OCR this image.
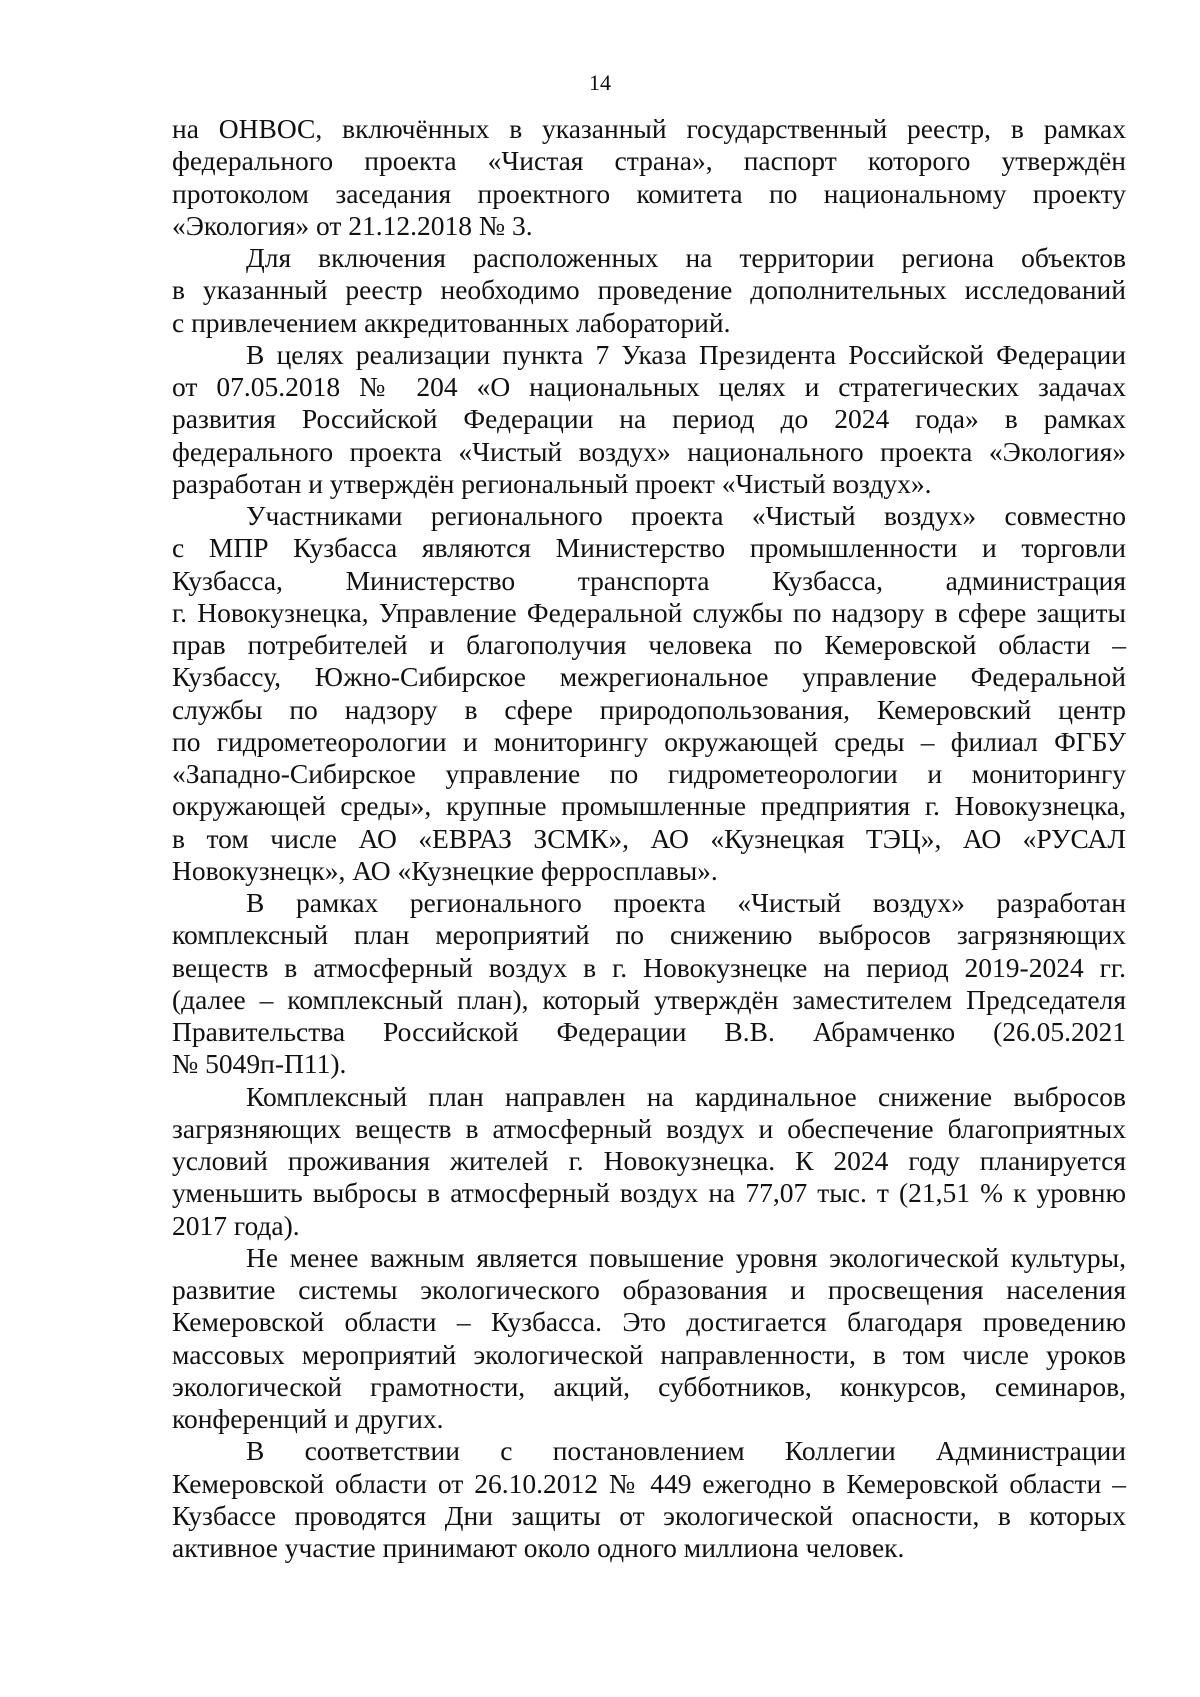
14
на ОНВОС, включённых в указанный государственный реестр, в рамках
федерального проекта «Чистая страна», паспорт которого утверждён
протоколом заседания проектного комитета по национальному проекту
«Экология» от 21.12.2018 № 3.
Для включения расположенных на территории региона объектов
в указанный реестр необходимо проведение дополнительных исследований
с привлечением аккредитованных лабораторий.
В целях реализации пункта 7 Указа Президента Российской Федерации
от 07.05.2018 № 204 «О национальных целях и стратегических задачах
развития Российской Федерации на период до 2024 года» в рамках
федерального проекта «Чистый воздух» национального проекта «Экология»
разработан и утверждён региональный проект «Чистый воздух».
Участниками регионального проекта «Чистый воздух» совместно
с МПР Кузбасса являются Министерство промышленности и торговли
Кузбасса, Министерство транспорта Кузбасса, администрация
г. Новокузнецка, Управление Федеральной службы по надзору в сфере защиты
прав потребителей и благополучия человека по Кемеровской области –
Кузбассу, Южно-Сибирское межрегиональное управление Федеральной
службы по надзору в сфере природопользования, Кемеровский центр
по гидрометеорологии и мониторингу окружающей среды – филиал ФГБУ
«Западно-Сибирское управление по гидрометеорологии и мониторингу
окружающей среды», крупные промышленные предприятия г. Новокузнецка,
в том числе АО «ЕВРАЗ ЗСМК», АО «Кузнецкая ТЭЦ», АО «РУСАЛ
Новокузнецк», АО «Кузнецкие ферросплавы».
В рамках регионального проекта «Чистый воздух» разработан
комплексный план мероприятий по снижению выбросов загрязняющих
веществ в атмосферный воздух в г. Новокузнецке на период 2019-2024 гг.
(далее – комплексный план), который утверждён заместителем Председателя
Правительства Российской Федерации В.В. Абрамченко (26.05.2021
№ 5049п-П11).
Комплексный план направлен на кардинальное снижение выбросов
загрязняющих веществ в атмосферный воздух и обеспечение благоприятных
условий проживания жителей г. Новокузнецка. К 2024 году планируется
уменьшить выбросы в атмосферный воздух на 77,07 тыс. т (21,51 % к уровню
2017 года).
Не менее важным является повышение уровня экологической культуры,
развитие системы экологического образования и просвещения населения
Кемеровской области – Кузбасса. Это достигается благодаря проведению
массовых мероприятий экологической направленности, в том числе уроков
экологической грамотности, акций, субботников, конкурсов, семинаров,
конференций и других.
В соответствии с постановлением Коллегии Администрации
Кемеровской области от 26.10.2012 № 449 ежегодно в Кемеровской области –
Кузбассе проводятся Дни защиты от экологической опасности, в которых
активное участие принимают около одного миллиона человек.
